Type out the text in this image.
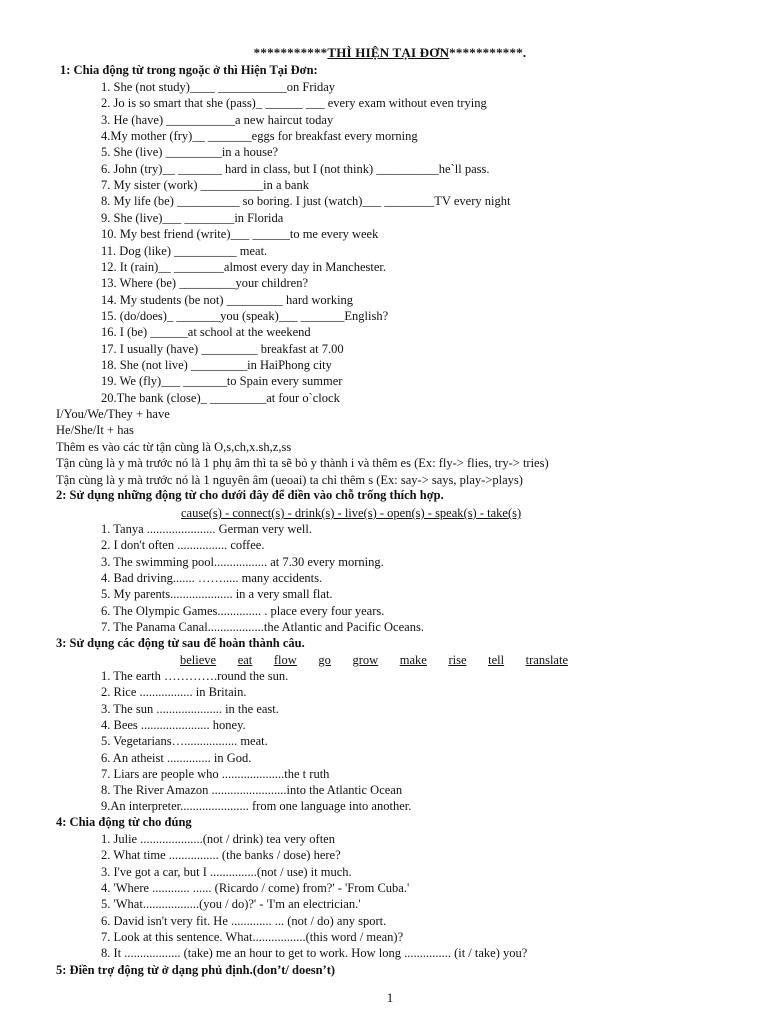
***********THÌ HIỆN TẠI ĐƠN***********.
1: Chia động từ trong ngoặc ở thì Hiện Tại Đơn:
1. She (not study)____ ___________on Friday
2. Jo is so smart that she (pass)_ ______ ___ every exam without even trying
3. He (have) ___________a new haircut today
4.My mother (fry)__ _______eggs for breakfast every morning
5. She (live) _________in a house?
6. John (try)__ _______ hard in class, but I (not think) __________he`ll pass.
7. My sister (work) __________in a bank
8. My life (be) __________ so boring. I just (watch)___ ________TV every night
9. She (live)___ ________in Florida
10. My best friend (write)___ ______to me every week
11. Dog (like) __________ meat.
12. It (rain)__ ________almost every day in Manchester.
13. Where (be) _________your children?
14. My students (be not) _________ hard working
15. (do/does)_ _______you (speak)___ _______English?
16. I (be) ______at school at the weekend
17. I usually (have) _________ breakfast at 7.00
18. She (not live) _________in HaiPhong city
19. We (fly)___ _______to Spain every summer
20.The bank (close)_ _________at four o`clock
I/You/We/They + have
He/She/It + has
Thêm es vào các từ tận cùng là O,s,ch,x.sh,z,ss
Tận cùng là y mà trước nó là 1 phụ âm thì ta sẽ bỏ y thành i và thêm es (Ex: fly-> flies, try-> tries)
Tận cùng là y mà trước nó là 1 nguyên âm (ueoai) ta chỉ thêm s (Ex: say-> says, play->plays)
2: Sử dụng những động từ cho dưới đây để điền vào chỗ trống thích hợp.
cause(s) - connect(s) - drink(s) - live(s) - open(s) - speak(s) - take(s)
1. Tanya ...................... German very well.
2. I don't often ................ coffee.
3. The swimming pool................. at 7.30 every morning.
4. Bad driving....... ……..... many accidents.
5. My parents.................... in a very small flat.
6. The Olympic Games.............. . place every four years.
7. The Panama Canal..................the Atlantic and Pacific Oceans.
3: Sử dụng các động từ sau để hoàn thành câu.
believe eat flow go grow make rise tell translate
1. The earth ………….round the sun.
2. Rice ................. in Britain.
3. The sun ..................... in the east.
4. Bees ...................... honey.
5. Vegetarians…................. meat.
6. An atheist .............. in God.
7. Liars are people who ....................the t ruth
8. The River Amazon ........................into the Atlantic Ocean
9.An interpreter...................... from one language into another.
4: Chia động từ cho đúng
1. Julie ....................(not / drink) tea very often
2. What time ................ (the banks / dose) here?
3. I've got a car, but I ...............(not / use) it much.
4. 'Where ............ ...... (Ricardo / come) from?' - 'From Cuba.'
5. 'What..................(you / do)?' - 'I'm an electrician.'
6. David isn't very fit. He ............. ... (not / do) any sport.
7. Look at this sentence. What.................(this word / mean)?
8. It .................. (take) me an hour to get to work. How long ............... (it / take) you?
5: Điền trợ động từ ở dạng phủ định.(don’t/ doesn’t)
1
